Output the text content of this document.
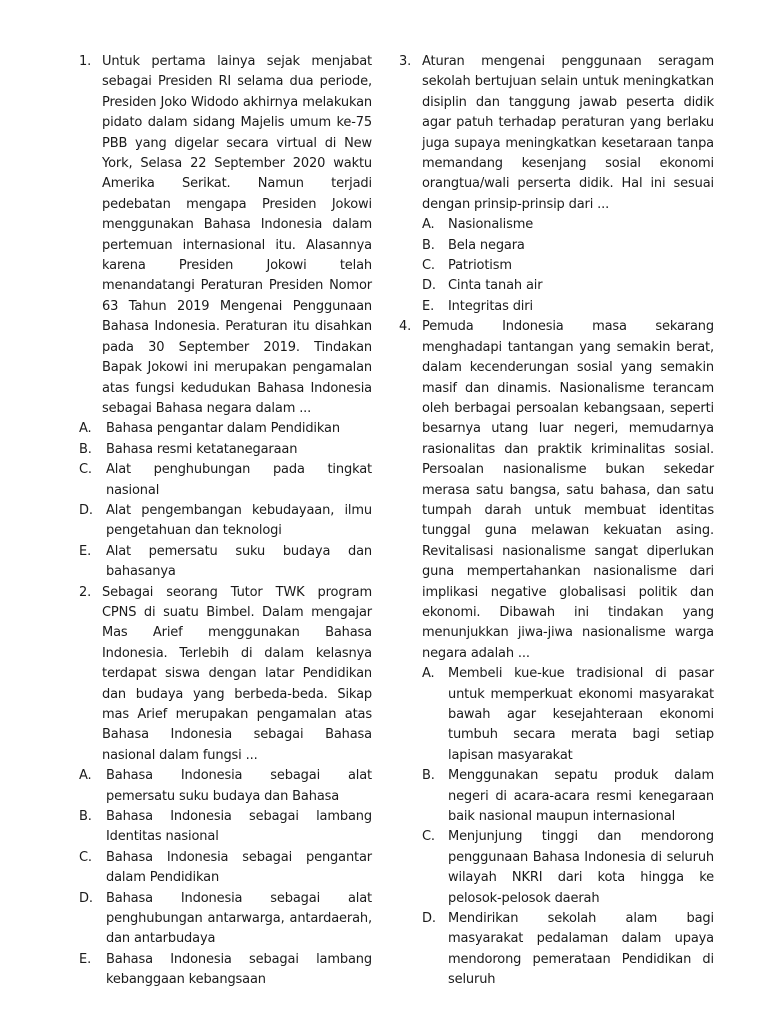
1. Untuk pertama lainya sejak menjabat sebagai Presiden RI selama dua periode, Presiden Joko Widodo akhirnya melakukan pidato dalam sidang Majelis umum ke-75 PBB yang digelar secara virtual di New York, Selasa 22 September 2020 waktu Amerika Serikat. Namun terjadi pedebatan mengapa Presiden Jokowi menggunakan Bahasa Indonesia dalam pertemuan internasional itu. Alasannya karena Presiden Jokowi telah menandatangi Peraturan Presiden Nomor 63 Tahun 2019 Mengenai Penggunaan Bahasa Indonesia. Peraturan itu disahkan pada 30 September 2019. Tindakan Bapak Jokowi ini merupakan pengamalan atas fungsi kedudukan Bahasa Indonesia sebagai Bahasa negara dalam ...
A. Bahasa pengantar dalam Pendidikan
B. Bahasa resmi ketatanegaraan
C. Alat penghubungan pada tingkat nasional
D. Alat pengembangan kebudayaan, ilmu pengetahuan dan teknologi
E. Alat pemersatu suku budaya dan bahasanya
2. Sebagai seorang Tutor TWK program CPNS di suatu Bimbel. Dalam mengajar Mas Arief menggunakan Bahasa Indonesia. Terlebih di dalam kelasnya terdapat siswa dengan latar Pendidikan dan budaya yang berbeda-beda. Sikap mas Arief merupakan pengamalan atas Bahasa Indonesia sebagai Bahasa nasional dalam fungsi ...
A. Bahasa Indonesia sebagai alat pemersatu suku budaya dan Bahasa
B. Bahasa Indonesia sebagai lambang Identitas nasional
C. Bahasa Indonesia sebagai pengantar dalam Pendidikan
D. Bahasa Indonesia sebagai alat penghubungan antarwarga, antardaerah, dan antarbudaya
E. Bahasa Indonesia sebagai lambang kebanggaan kebangsaan
3. Aturan mengenai penggunaan seragam sekolah bertujuan selain untuk meningkatkan disiplin dan tanggung jawab peserta didik agar patuh terhadap peraturan yang berlaku juga supaya meningkatkan kesetaraan tanpa memandang kesenjang sosial ekonomi orangtua/wali perserta didik. Hal ini sesuai dengan prinsip-prinsip dari ...
A. Nasionalisme
B. Bela negara
C. Patriotism
D. Cinta tanah air
E. Integritas diri
4. Pemuda Indonesia masa sekarang menghadapi tantangan yang semakin berat, dalam kecenderungan sosial yang semakin masif dan dinamis. Nasionalisme terancam oleh berbagai persoalan kebangsaan, seperti besarnya utang luar negeri, memudarnya rasionalitas dan praktik kriminalitas sosial. Persoalan nasionalisme bukan sekedar merasa satu bangsa, satu bahasa, dan satu tumpah darah untuk membuat identitas tunggal guna melawan kekuatan asing. Revitalisasi nasionalisme sangat diperlukan guna mempertahankan nasionalisme dari implikasi negative globalisasi politik dan ekonomi. Dibawah ini tindakan yang menunjukkan jiwa-jiwa nasionalisme warga negara adalah ...
A. Membeli kue-kue tradisional di pasar untuk memperkuat ekonomi masyarakat bawah agar kesejahteraan ekonomi tumbuh secara merata bagi setiap lapisan masyarakat
B. Menggunakan sepatu produk dalam negeri di acara-acara resmi kenegaraan baik nasional maupun internasional
C. Menjunjung tinggi dan mendorong penggunaan Bahasa Indonesia di seluruh wilayah NKRI dari kota hingga ke pelosok-pelosok daerah
D. Mendirikan sekolah alam bagi masyarakat pedalaman dalam upaya mendorong pemerataan Pendidikan di seluruh
